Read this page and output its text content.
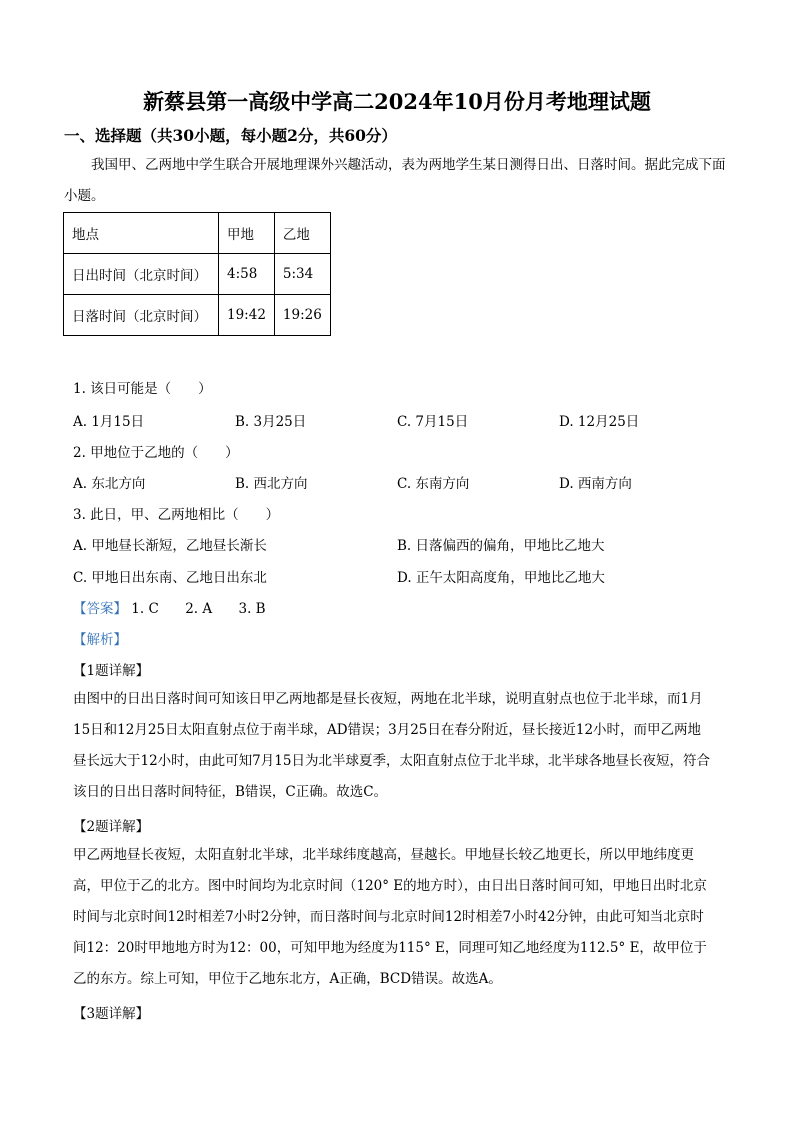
新蔡县第一高级中学高二2024年10月份月考地理试题
一、选择题（共30小题，每小题2分，共60分）
我国甲、乙两地中学生联合开展地理课外兴趣活动，表为两地学生某日测得日出、日落时间。据此完成下面小题。
地点	甲地	乙地
日出时间（北京时间）	4:58	5:34
日落时间（北京时间）	19:42	19:26
1. 该日可能是（　　）
A. 1月15日	B. 3月25日	C. 7月15日	D. 12月25日
2. 甲地位于乙地的（　　）
A. 东北方向	B. 西北方向	C. 东南方向	D. 西南方向
3. 此日，甲、乙两地相比（　　）
A. 甲地昼长渐短，乙地昼长渐长	B. 日落偏西的偏角，甲地比乙地大
C. 甲地日出东南、乙地日出东北	D. 正午太阳高度角，甲地比乙地大
【答案】 1. C　 2. A　 3. B
【解析】
【1题详解】
由图中的日出日落时间可知该日甲乙两地都是昼长夜短，两地在北半球，说明直射点也位于北半球，而1月15日和12月25日太阳直射点位于南半球，AD错误；3月25日在春分附近，昼长接近12小时，而甲乙两地昼长远大于12小时，由此可知7月15日为北半球夏季，太阳直射点位于北半球，北半球各地昼长夜短，符合该日的日出日落时间特征，B错误，C正确。故选C。
【2题详解】
甲乙两地昼长夜短，太阳直射北半球，北半球纬度越高，昼越长。甲地昼长较乙地更长，所以甲地纬度更高，甲位于乙的北方。图中时间均为北京时间（120° E的地方时），由日出日落时间可知，甲地日出时北京时间与北京时间12时相差7小时2分钟，而日落时间与北京时间12时相差7小时42分钟，由此可知当北京时间12：20时甲地地方时为12：00，可知甲地为经度为115° E，同理可知乙地经度为112.5° E，故甲位于乙的东方。综上可知，甲位于乙地东北方，A正确，BCD错误。故选A。
【3题详解】
